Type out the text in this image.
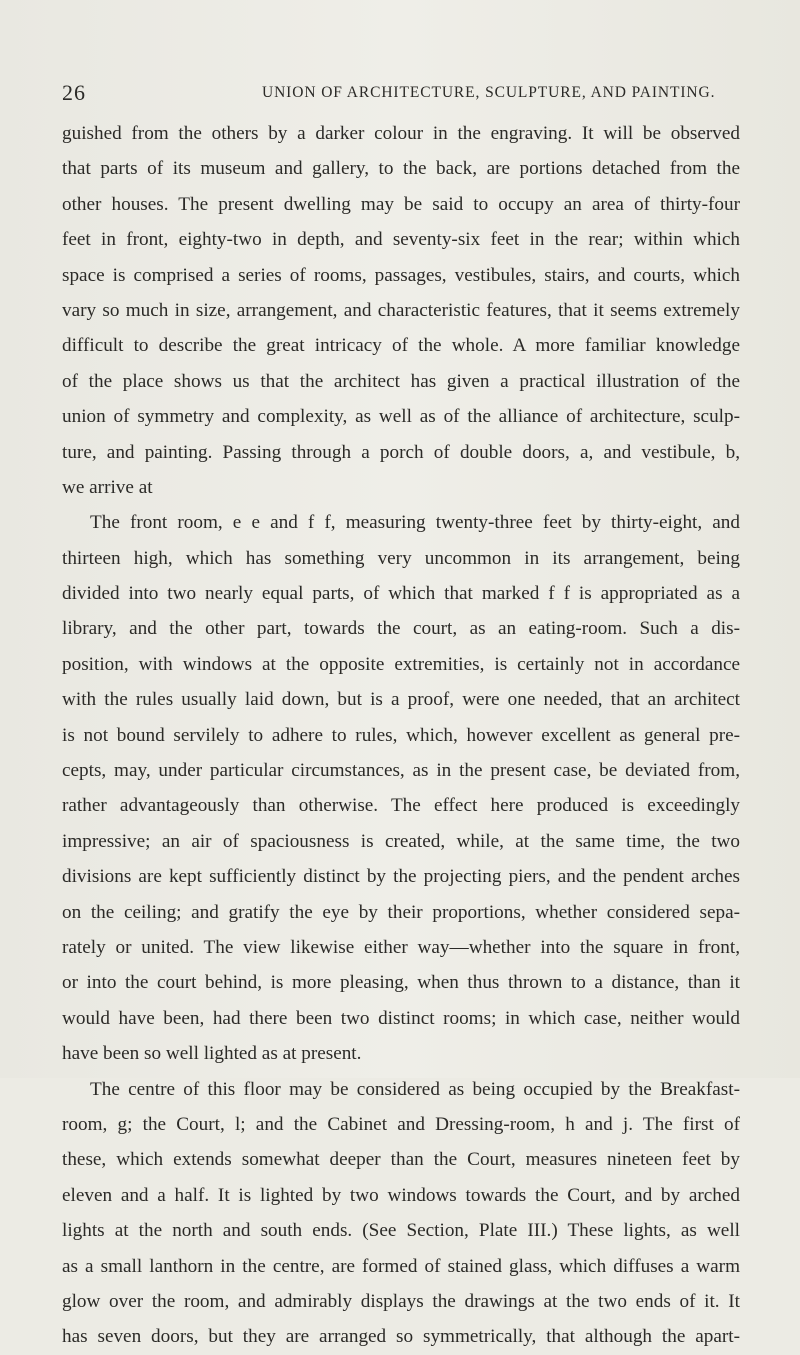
26	UNION OF ARCHITECTURE, SCULPTURE, AND PAINTING.
guished from the others by a darker colour in the engraving. It will be observed
that parts of its museum and gallery, to the back, are portions detached from the
other houses. The present dwelling may be said to occupy an area of thirty-four
feet in front, eighty-two in depth, and seventy-six feet in the rear; within which
space is comprised a series of rooms, passages, vestibules, stairs, and courts, which
vary so much in size, arrangement, and characteristic features, that it seems extremely
difficult to describe the great intricacy of the whole. A more familiar knowledge
of the place shows us that the architect has given a practical illustration of the
union of symmetry and complexity, as well as of the alliance of architecture, sculp-
ture, and painting. Passing through a porch of double doors, a, and vestibule, b,
we arrive at
The front room, e e and f f, measuring twenty-three feet by thirty-eight, and
thirteen high, which has something very uncommon in its arrangement, being
divided into two nearly equal parts, of which that marked f f is appropriated as a
library, and the other part, towards the court, as an eating-room. Such a dis-
position, with windows at the opposite extremities, is certainly not in accordance
with the rules usually laid down, but is a proof, were one needed, that an architect
is not bound servilely to adhere to rules, which, however excellent as general pre-
cepts, may, under particular circumstances, as in the present case, be deviated from,
rather advantageously than otherwise. The effect here produced is exceedingly
impressive; an air of spaciousness is created, while, at the same time, the two
divisions are kept sufficiently distinct by the projecting piers, and the pendent arches
on the ceiling; and gratify the eye by their proportions, whether considered sepa-
rately or united. The view likewise either way—whether into the square in front,
or into the court behind, is more pleasing, when thus thrown to a distance, than it
would have been, had there been two distinct rooms; in which case, neither would
have been so well lighted as at present.
The centre of this floor may be considered as being occupied by the Breakfast-
room, g; the Court, l; and the Cabinet and Dressing-room, h and j. The first of
these, which extends somewhat deeper than the Court, measures nineteen feet by
eleven and a half. It is lighted by two windows towards the Court, and by arched
lights at the north and south ends. (See Section, Plate III.) These lights, as well
as a small lanthorn in the centre, are formed of stained glass, which diffuses a warm
glow over the room, and admirably displays the drawings at the two ends of it. It
has seven doors, but they are arranged so symmetrically, that although the apart-
